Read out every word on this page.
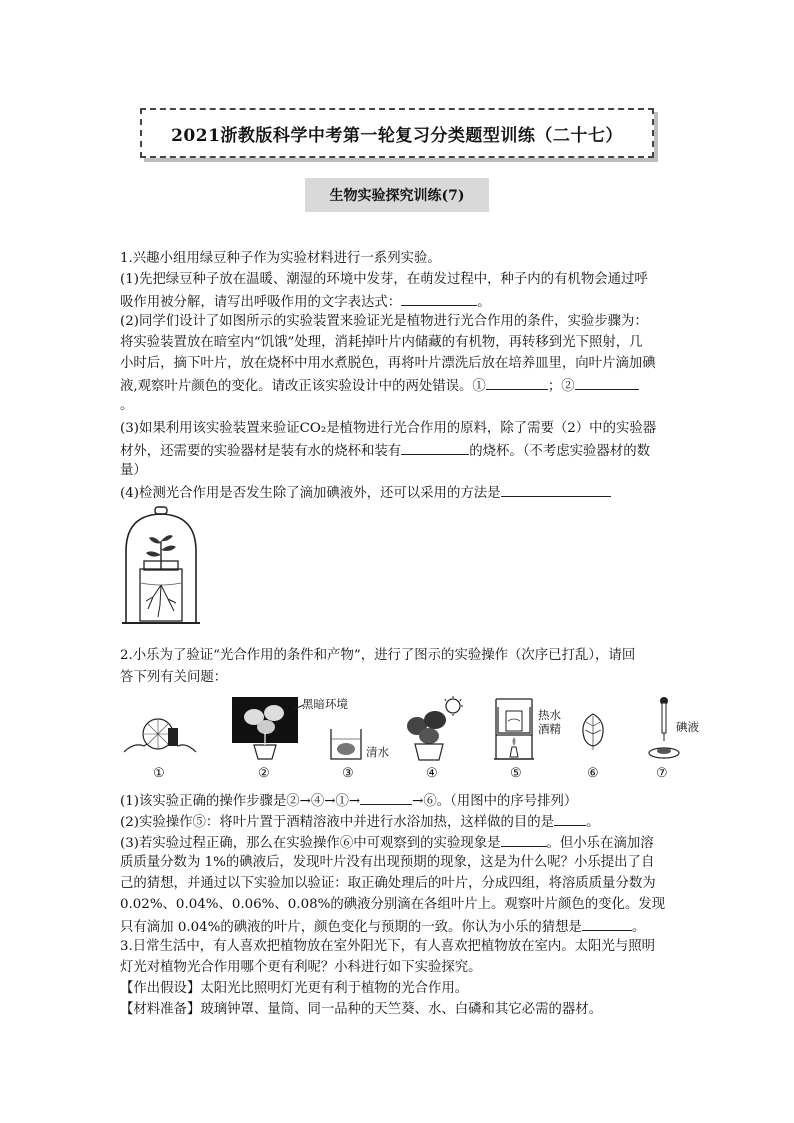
2021浙教版科学中考第一轮复习分类题型训练（二十七）
生物实验探究训练(7)
1.兴趣小组用绿豆种子作为实验材料进行一系列实验。
(1)先把绿豆种子放在温暖、潮湿的环境中发芽，在萌发过程中，种子内的有机物会通过呼
吸作用被分解，请写出呼吸作用的文字表达式：	。
(2)同学们设计了如图所示的实验装置来验证光是植物进行光合作用的条件，实验步骤为：
将实验装置放在暗室内“饥饿”处理，消耗掉叶片内储藏的有机物，再转移到光下照射，几
小时后，摘下叶片，放在烧杯中用水煮脱色，再将叶片漂洗后放在培养皿里，向叶片滴加碘
液,观察叶片颜色的变化。请改正该实验设计中的两处错误。①	；②
。
(3)如果利用该实验装置来验证CO₂是植物进行光合作用的原料，除了需要（2）中的实验器
材外，还需要的实验器材是装有水的烧杯和装有	的烧杯。（不考虑实验器材的数
量）
(4)检测光合作用是否发生除了滴加碘液外，还可以采用的方法是
2.小乐为了验证“光合作用的条件和产物”，进行了图示的实验操作（次序已打乱），请回
答下列有关问题：
黑暗环境
清水
热水
酒精	碘液
①	②	③	④	⑤	⑥	⑦
(1)该实验正确的操作步骤是②→④→①→	→⑥。（用图中的序号排列）
(2)实验操作⑤：将叶片置于酒精溶液中并进行水浴加热，这样做的目的是 。
(3)若实验过程正确，那么在实验操作⑥中可观察到的实验现象是	。但小乐在滴加溶
质质量分数为 1%的碘液后，发现叶片没有出现预期的现象，这是为什么呢？小乐提出了自
己的猜想，并通过以下实验加以验证：取正确处理后的叶片，分成四组，将溶质质量分数为
0.02%、0.04%、0.06%、0.08%的碘液分别滴在各组叶片上。观察叶片颜色的变化。发现
只有滴加 0.04%的碘液的叶片，颜色变化与预期的一致。你认为小乐的猜想是	。
3.日常生活中，有人喜欢把植物放在室外阳光下，有人喜欢把植物放在室内。太阳光与照明
灯光对植物光合作用哪个更有利呢？小科进行如下实验探究。
【作出假设】太阳光比照明灯光更有利于植物的光合作用。
【材料准备】玻璃钟罩、量筒、同一品种的天竺葵、水、白磷和其它必需的器材。
